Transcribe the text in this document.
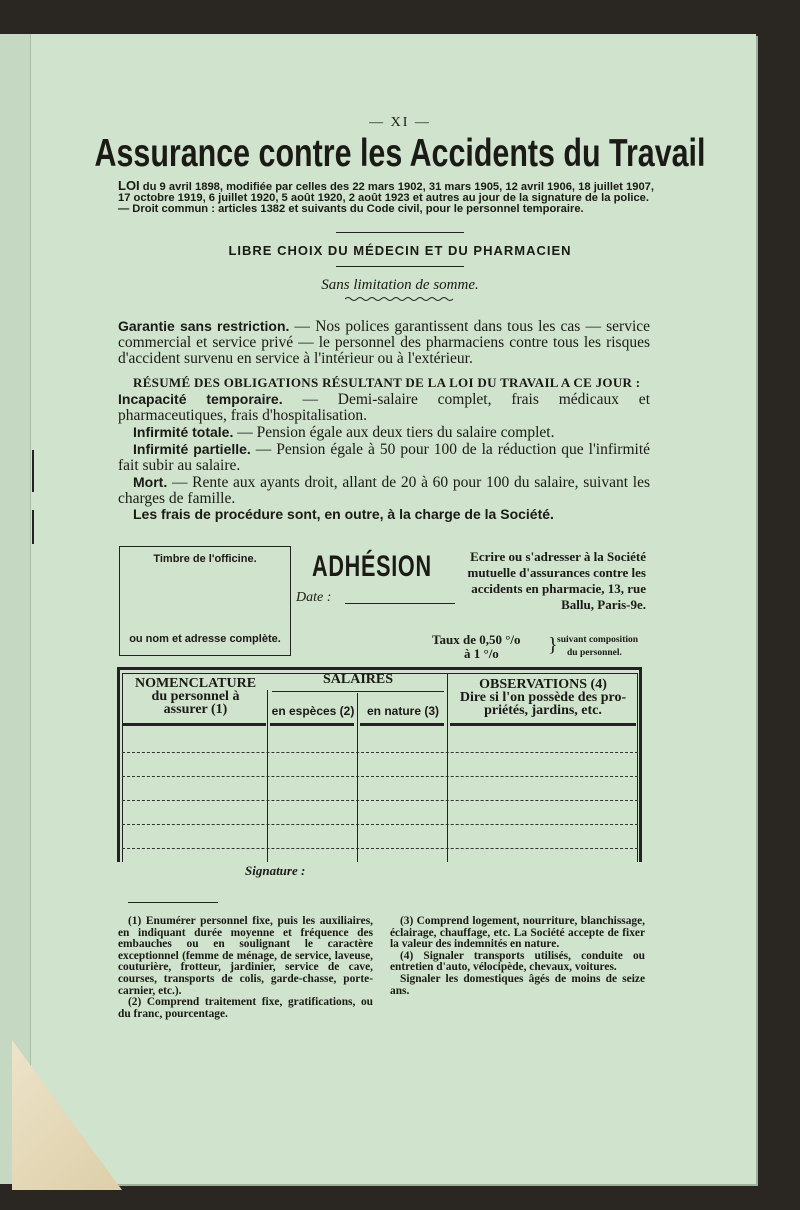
— XI —
Assurance contre les Accidents du Travail
LOI du 9 avril 1898, modifiée par celles des 22 mars 1902, 31 mars 1905, 12 avril 1906, 18 juillet 1907, 17 octobre 1919, 6 juillet 1920, 5 août 1920, 2 août 1923 et autres au jour de la signature de la police. — Droit commun : articles 1382 et suivants du Code civil, pour le personnel temporaire.
LIBRE CHOIX DU MÉDECIN ET DU PHARMACIEN
Sans limitation de somme.
Garantie sans restriction. — Nos polices garantissent dans tous les cas — service commercial et service privé — le personnel des pharmaciens contre tous les risques d'accident survenu en service à l'intérieur ou à l'extérieur.
RÉSUMÉ DES OBLIGATIONS RÉSULTANT DE LA LOI DU TRAVAIL A CE JOUR :
Incapacité temporaire. — Demi-salaire complet, frais médicaux et pharmaceutiques, frais d'hospitalisation.
Infirmité totale. — Pension égale aux deux tiers du salaire complet.
Infirmité partielle. — Pension égale à 50 pour 100 de la réduction que l'infirmité fait subir au salaire.
Mort. — Rente aux ayants droit, allant de 20 à 60 pour 100 du salaire, suivant les charges de famille.
Les frais de procédure sont, en outre, à la charge de la Société.
Timbre de l'officine.
ou nom et adresse complète.
ADHÉSION
Date :
Ecrire ou s'adresser à la Société mutuelle d'assurances contre les accidents en pharmacie, 13, rue Ballu, Paris-9e.
Taux de 0,50 °/o
à 1 °/o	} suivant composition
du personnel.
NOMENCLATURE
du personnel à
assurer (1)
SALAIRES
en espèces (2)	en nature (3)
OBSERVATIONS (4)
Dire si l'on possède des pro-
priétés, jardins, etc.
Signature :

(1) Enumérer personnel fixe, puis les auxiliaires, en indiquant durée moyenne et fréquence des embauches ou en soulignant le caractère exceptionnel (femme de ménage, de service, laveuse, couturière, frotteur, jardinier, service de cave, courses, transports de colis, garde-chasse, porte-carnier, etc.).

(2) Comprend traitement fixe, gratifications, ou du franc, pourcentage.

(3) Comprend logement, nourriture, blanchissage, éclairage, chauffage, etc. La Société accepte de fixer la valeur des indemnités en nature.

(4) Signaler transports utilisés, conduite ou entretien d'auto, vélocipède, chevaux, voitures.

Signaler les domestiques âgés de moins de seize ans.
